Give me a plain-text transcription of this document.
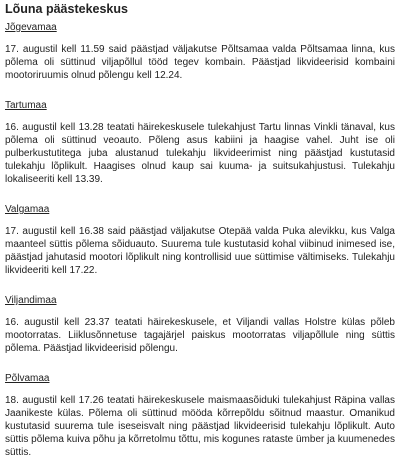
Lõuna päästekeskus
Jõgevamaa
17. augustil kell 11.59 said päästjad väljakutse Põltsamaa valda Põltsamaa linna, kus põlema oli süttinud viljapõllul tööd tegev kombain. Päästjad likvideerisid kombaini mootoriruumis olnud põlengu kell 12.24.
Tartumaa
16. augustil kell 13.28 teatati häirekeskusele tulekahjust Tartu linnas Vinkli tänaval, kus põlema oli süttinud veoauto. Põleng asus kabiini ja haagise vahel. Juht ise oli pulberkustutitega juba alustanud tulekahju likvideerimist ning päästjad kustutasid tulekahju lõplikult. Haagises olnud kaup sai kuuma- ja suitsukahjustusi. Tulekahju lokaliseeriti kell 13.39.
Valgamaa
17. augustil kell 16.38 said päästjad väljakutse Otepää valda Puka alevikku, kus Valga maanteel süttis põlema sõiduauto. Suurema tule kustutasid kohal viibinud inimesed ise, päästjad jahutasid mootori lõplikult ning kontrollisid uue süttimise vältimiseks. Tulekahju likvideeriti kell 17.22.
Viljandimaa
16. augustil kell 23.37 teatati häirekeskusele, et Viljandi vallas Holstre külas põleb mootorratas. Liiklusõnnetuse tagajärjel paiskus mootorratas viljapõllule ning süttis põlema. Päästjad likvideerisid põlengu.
Põlvamaa
18. augustil kell 17.26 teatati häirekeskusele maismaasõiduki tulekahjust Räpina vallas Jaanikeste külas. Põlema oli süttinud mööda kõrrepõldu sõitnud maastur. Omanikud kustutasid suurema tule iseseisvalt ning päästjad likvideerisid tulekahju lõplikult. Auto süttis põlema kuiva põhu ja kõrretolmu tõttu, mis kogunes rataste ümber ja kuumenedes süttis.
